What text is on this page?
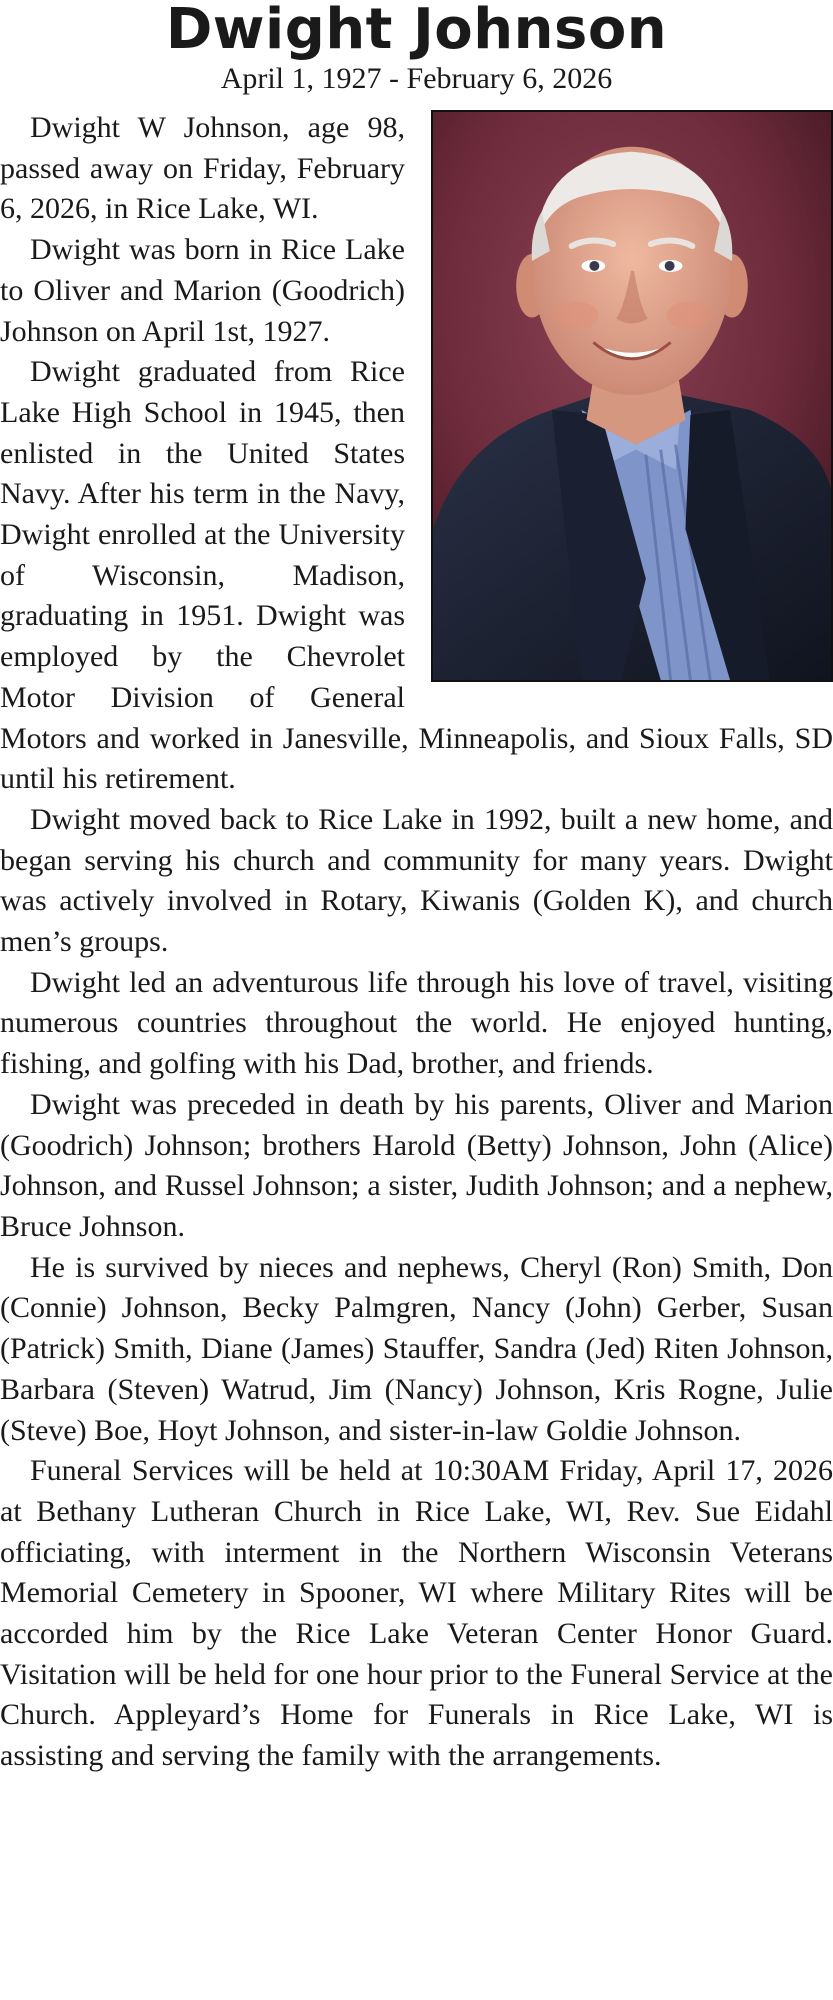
Dwight Johnson
April 1, 1927 - February 6, 2026

Dwight W Johnson, age 98, passed away on Friday, February 6, 2026, in Rice Lake, WI.

Dwight was born in Rice Lake to Oliver and Marion (Goodrich) Johnson on April 1st, 1927.

Dwight graduated from Rice Lake High School in 1945, then enlisted in the United States Navy. After his term in the Navy, Dwight enrolled at the University of Wisconsin, Madison, graduating in 1951. Dwight was employed by the Chevrolet Motor Division of General Motors and worked in Janesville, Minneapolis, and Sioux Falls, SD until his retirement.

Dwight moved back to Rice Lake in 1992, built a new home, and began serving his church and community for many years. Dwight was actively involved in Rotary, Kiwanis (Golden K), and church men’s groups.

Dwight led an adventurous life through his love of travel, visiting numerous countries throughout the world. He enjoyed hunting, fishing, and golfing with his Dad, brother, and friends.

Dwight was preceded in death by his parents, Oliver and Marion (Goodrich) Johnson; brothers Harold (Betty) Johnson, John (Alice) Johnson, and Russel Johnson; a sister, Judith Johnson; and a nephew, Bruce Johnson.

He is survived by nieces and nephews, Cheryl (Ron) Smith, Don (Connie) Johnson, Becky Palmgren, Nancy (John) Gerber, Susan (Patrick) Smith, Diane (James) Stauffer, Sandra (Jed) Riten Johnson, Barbara (Steven) Watrud, Jim (Nancy) Johnson, Kris Rogne, Julie (Steve) Boe, Hoyt Johnson, and sister-in-law Goldie Johnson.

Funeral Services will be held at 10:30AM Friday, April 17, 2026 at Bethany Lutheran Church in Rice Lake, WI, Rev. Sue Eidahl officiating, with interment in the Northern Wisconsin Veterans Memorial Cemetery in Spooner, WI where Military Rites will be accorded him by the Rice Lake Veteran Center Honor Guard. Visitation will be held for one hour prior to the Funeral Service at the Church. Appleyard’s Home for Funerals in Rice Lake, WI is assisting and serving the family with the arrangements.
